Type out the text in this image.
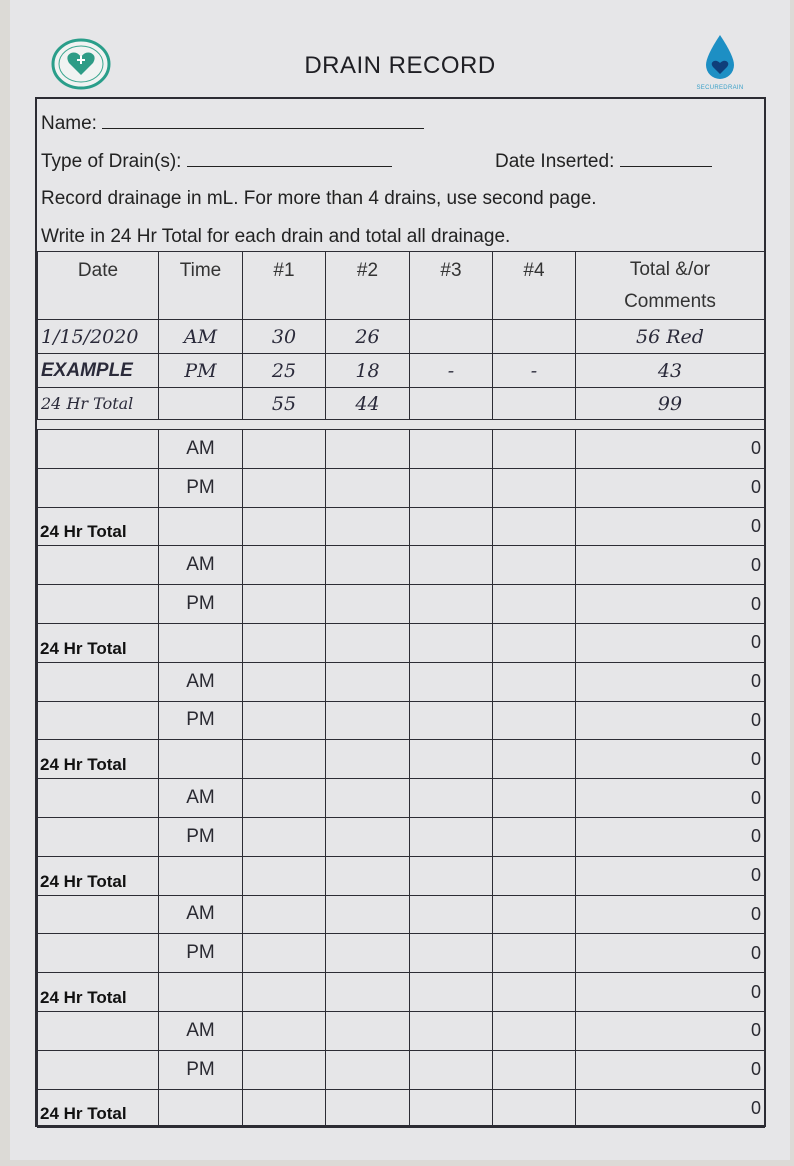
SECUREDRAIN
DRAIN RECORD
Name:
Type of Drain(s):	Date Inserted:
Record drainage in mL. For more than 4 drains, use second page.
Write in 24 Hr Total for each drain and total all drainage.
Date	Time	#1	#2	#3	#4	Total &/or
Comments
1/15/2020	AM	30	26			56 Red
EXAMPLE	PM	25	18	-	-	43
24 Hr Total		55	44			99

	AM					0
	PM					0
24 Hr Total						0
	AM					0
	PM					0
24 Hr Total						0
	AM					0
	PM					0
24 Hr Total						0
	AM					0
	PM					0
24 Hr Total						0
	AM					0
	PM					0
24 Hr Total						0
	AM					0
	PM					0
24 Hr Total						0
